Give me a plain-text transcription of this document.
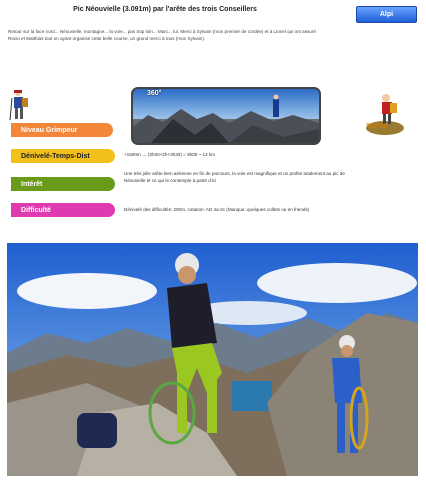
Pic Néouvielle (3.091m) par l'arête des trois Conseillers
Alpi
Retour sur la face nord... Néouvielle, montagne... la voie... pas trop loin... Marc... lui. Merci à Sylvain (mon premier de cordée) et à Lionel qui ont assuré Rocio et Matthias tout en ayant organisé cette belle course, un grand merci à tous (mon Sylvain).
360°
TOPOS
Niveau Grimpeur
Dénivelé-Temps-Dist	+1500m → (3h30+2h+3h30) = 9h00 ~ 14 km
Intérêt
Une très jolie arête bien aérienne en fin de parcours, la voie est magnifique et on profite totalement au pic de Néouvielle et ce qui le contemple à partir d'ici
Difficulté	Dénivelé des difficultés: 200m, cotation: AD 4a-3c (Manque: quelques collets ou en friends)
